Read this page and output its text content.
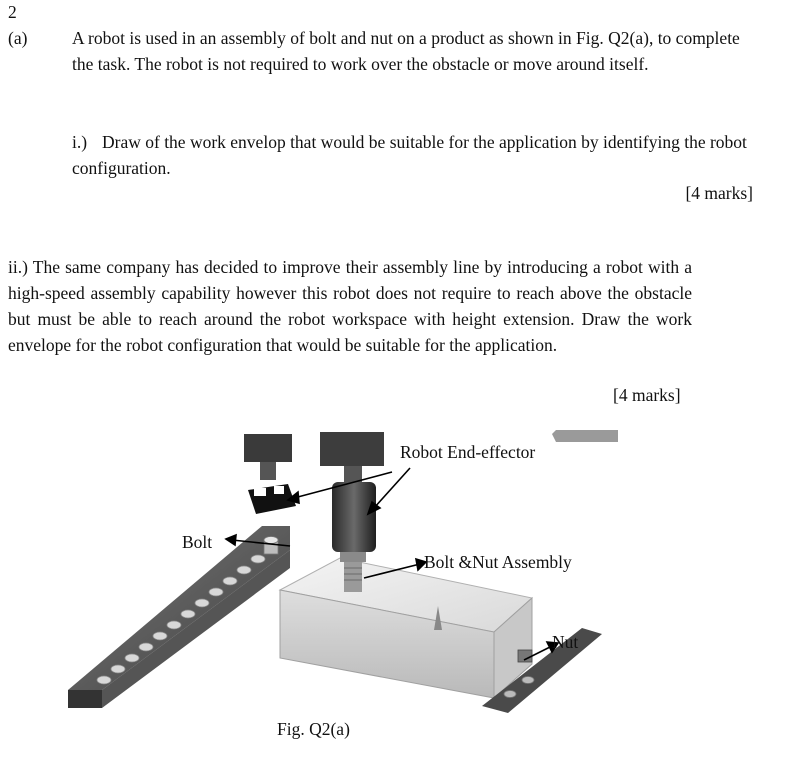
2
(a)	A robot is used in an assembly of bolt and nut on a product as shown in Fig. Q2(a), to complete the task. The robot is not required to work over the obstacle or move around itself.

i.) Draw of the work envelop that would be suitable for the application by identifying the robot configuration.
[4 marks]
ii.) The same company has decided to improve their assembly line by introducing a robot with a high-speed assembly capability however this robot does not require to reach above the obstacle but must be able to reach around the robot workspace with height extension. Draw the work envelope for the robot configuration that would be suitable for the application.
[4 marks]
Robot End-effector
Bolt
Bolt &Nut Assembly
Nut
Fig. Q2(a)
